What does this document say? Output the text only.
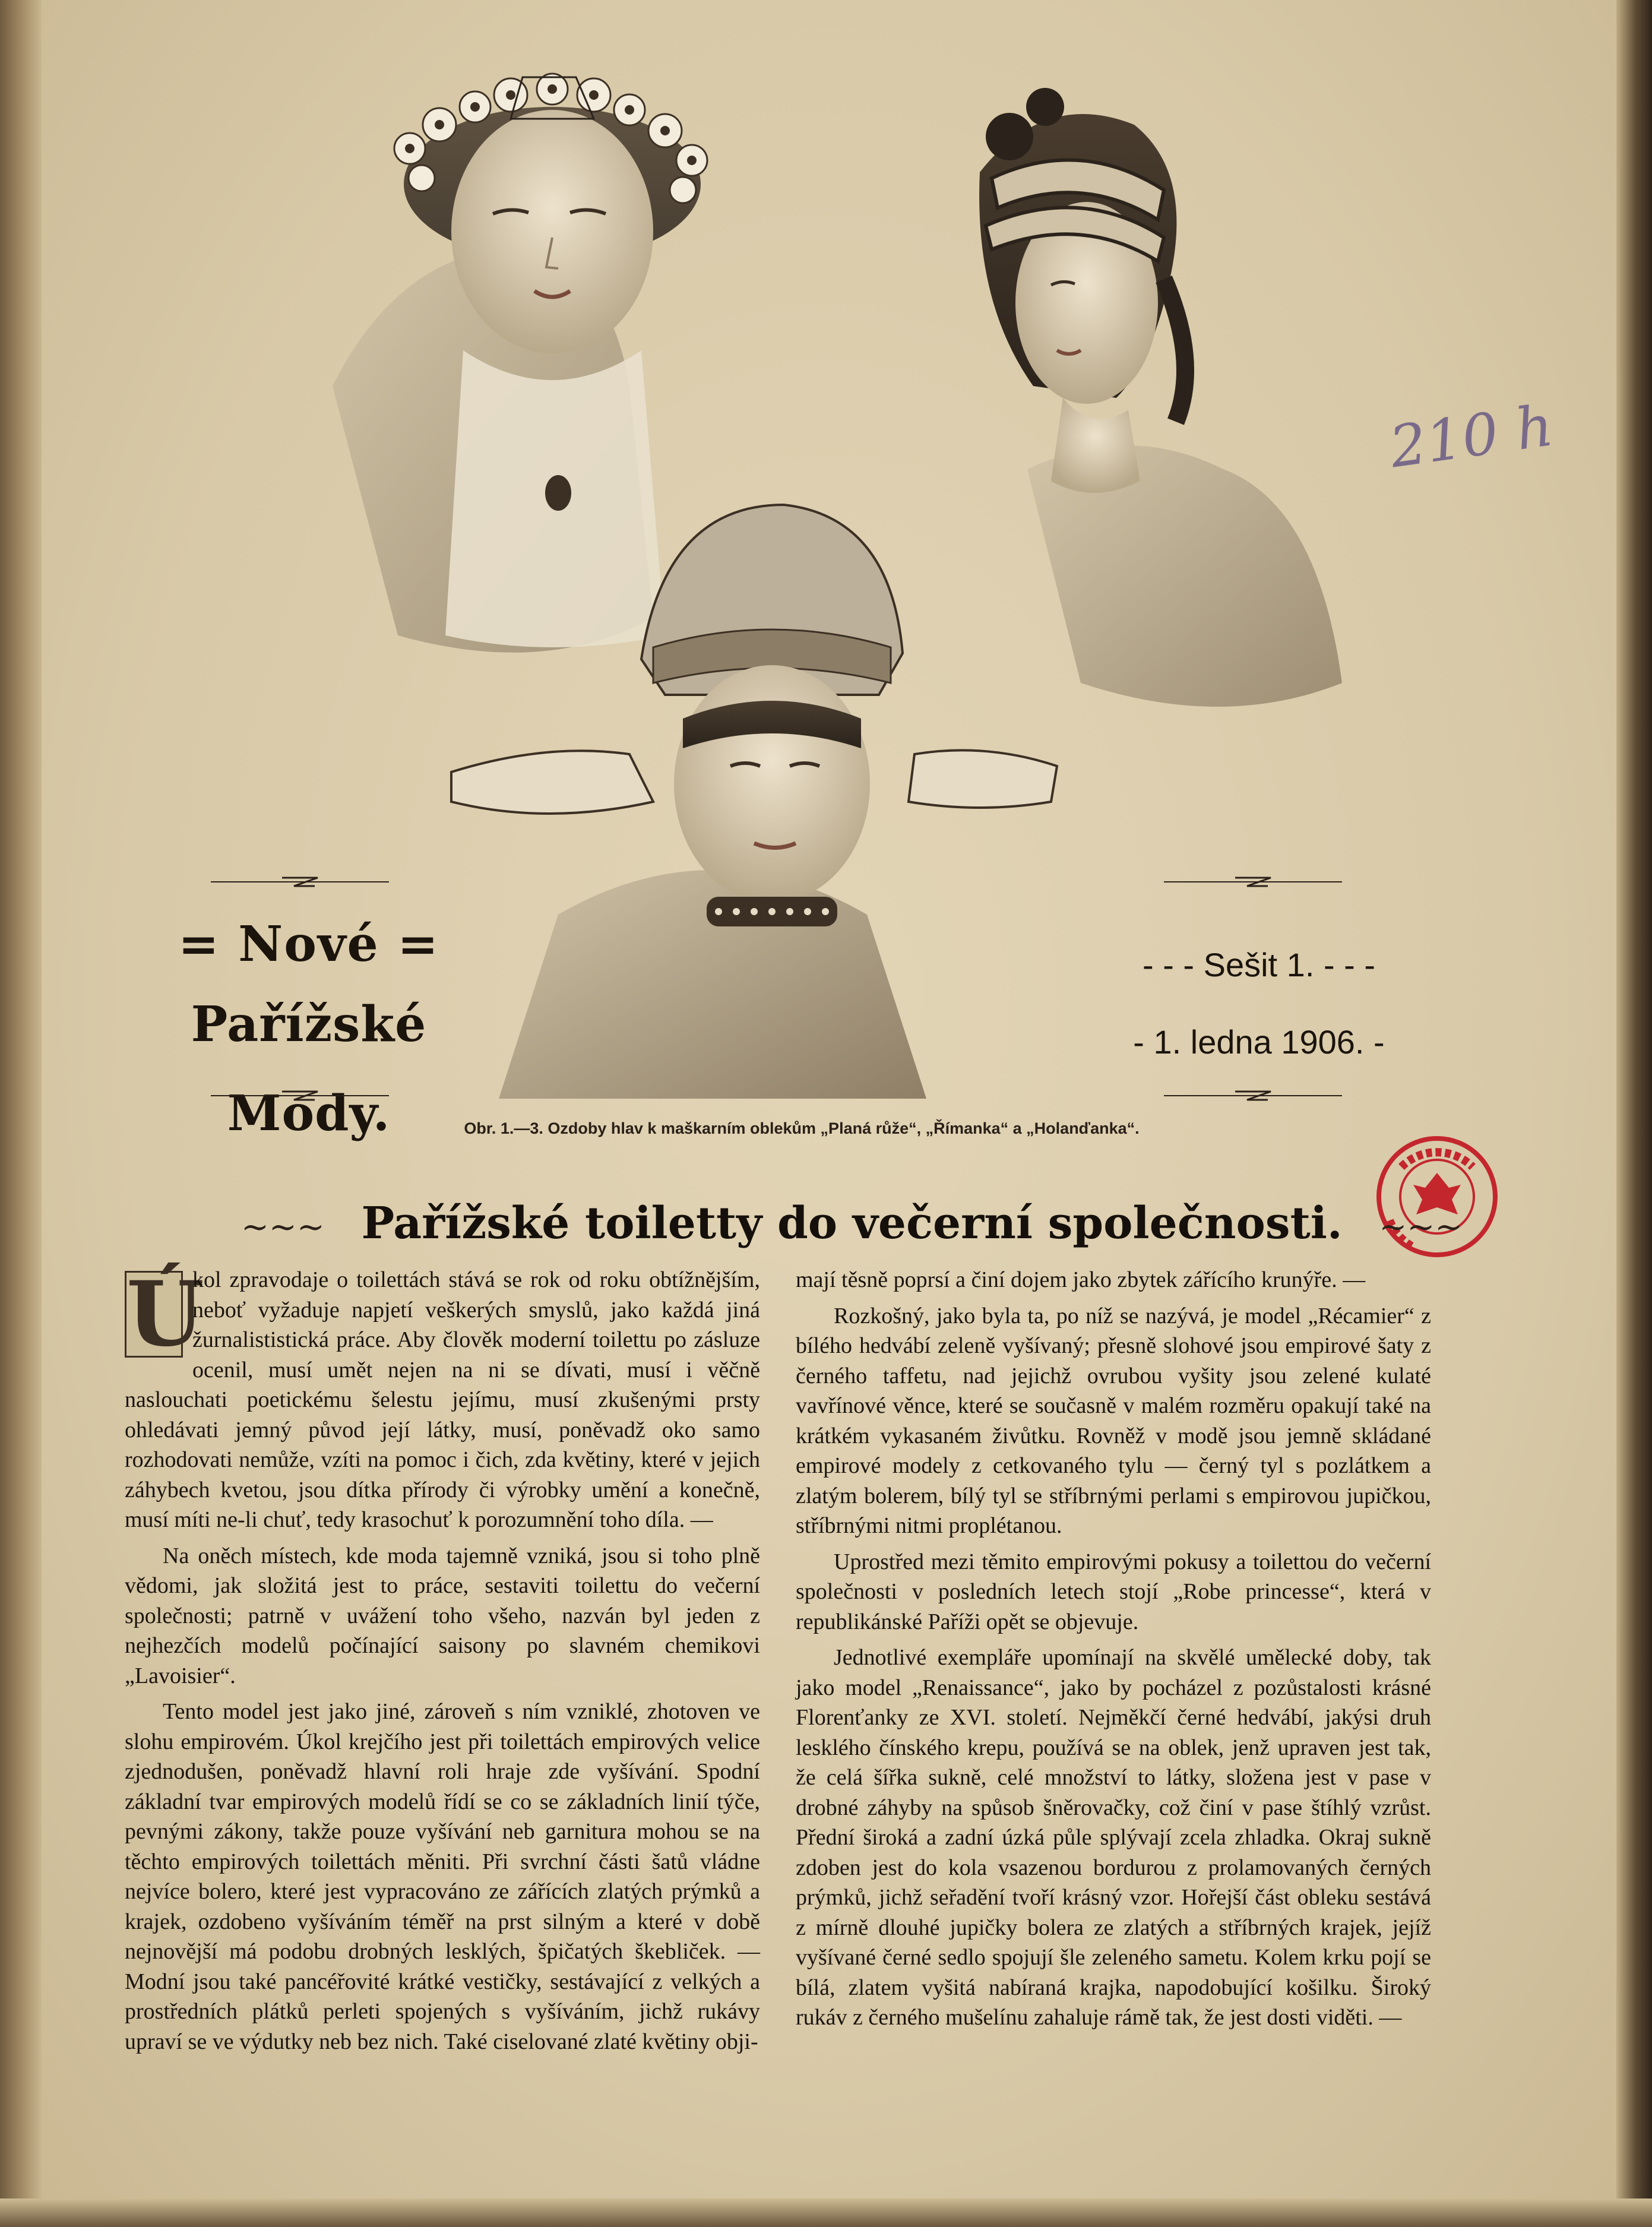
210 h
= Nové =
Pařížské Mody.
- - - Sešit 1. - - -
- 1. ledna 1906. -
Obr. 1.—3. Ozdoby hlav k maškarním oblekům „Planá růže“, „Římanka“ a „Holanďanka“.
~~~ Pařížské toiletty do večerní společnosti. ~~~

Ú
kol zpravodaje o toilettách stává se rok od roku obtížnějším, neboť vyžaduje napjetí veškerých smyslů, jako každá jiná žurnalististická práce. Aby člověk moderní toilettu po zásluze ocenil, musí umět nejen na ni se dívati, musí i věčně naslouchati poetickému šelestu jejímu, musí zkušenými prsty ohledávati jemný původ její látky, musí, poněvadž oko samo rozhodovati nemůže, vzíti na pomoc i čich, zda květiny, které v jejich záhybech kvetou, jsou dítka přírody či výrobky umění a konečně, musí míti ne-li chuť, tedy krasochuť k porozumnění toho díla. —

Na oněch místech, kde moda tajemně vzniká, jsou si toho plně vědomi, jak složitá jest to práce, sestaviti toilettu do večerní společnosti; patrně v uvážení toho všeho, nazván byl jeden z nejhezčích modelů počínající saisony po slavném chemikovi „Lavoisier“.

Tento model jest jako jiné, zároveň s ním vzniklé, zhotoven ve slohu empirovém. Úkol krejčího jest při toilettách empirových velice zjednodušen, poněvadž hlavní roli hraje zde vyšívání. Spodní základní tvar empirových modelů řídí se co se základních linií týče, pevnými zákony, takže pouze vyšívání neb garnitura mohou se na těchto empirových toilettách měniti. Při svrchní části šatů vládne nejvíce bolero, které jest vypracováno ze zářících zlatých prýmků a krajek, ozdobeno vyšíváním téměř na prst silným a které v době nejnovější má podobu drobných lesklých, špičatých škebliček. — Modní jsou také pancéřovité krátké vestičky, sestávající z velkých a prostředních plátků perleti spojených s vyšíváním, jichž rukávy upraví se ve výdutky neb bez nich. Také ciselované zlaté květiny obji-

mají těsně poprsí a činí dojem jako zbytek zářícího krunýře. —

Rozkošný, jako byla ta, po níž se nazývá, je model „Récamier“ z bílého hedvábí zeleně vyšívaný; přesně slohové jsou empirové šaty z černého taffetu, nad jejichž ovrubou vyšity jsou zelené kulaté vavřínové věnce, které se současně v malém rozměru opakují také na krátkém vykasaném živůtku. Rovněž v modě jsou jemně skládané empirové modely z cetkovaného tylu — černý tyl s pozlátkem a zlatým bolerem, bílý tyl se stříbrnými perlami s empirovou jupičkou, stříbrnými nitmi proplétanou.

Uprostřed mezi těmito empirovými pokusy a toilettou do večerní společnosti v posledních letech stojí „Robe princesse“, která v republikánské Paříži opět se objevuje.

Jednotlivé exempláře upomínají na skvělé umělecké doby, tak jako model „Renaissance“, jako by pocházel z pozůstalosti krásné Florenťanky ze XVI. století. Nejměkčí černé hedvábí, jakýsi druh lesklého čínského krepu, používá se na oblek, jenž upraven jest tak, že celá šířka sukně, celé množství to látky, složena jest v pase v drobné záhyby na spůsob šněrovačky, což činí v pase štíhlý vzrůst. Přední široká a zadní úzká půle splývají zcela zhladka. Okraj sukně zdoben jest do kola vsazenou bordurou z prolamovaných černých prýmků, jichž seřadění tvoří krásný vzor. Hořejší část obleku sestává z mírně dlouhé jupičky bolera ze zlatých a stříbrných krajek, jejíž vyšívané černé sedlo spojují šle zeleného sametu. Kolem krku pojí se bílá, zlatem vyšitá nabíraná krajka, napodobující košilku. Široký rukáv z černého mušelínu zahaluje rámě tak, že jest dosti viděti. —
